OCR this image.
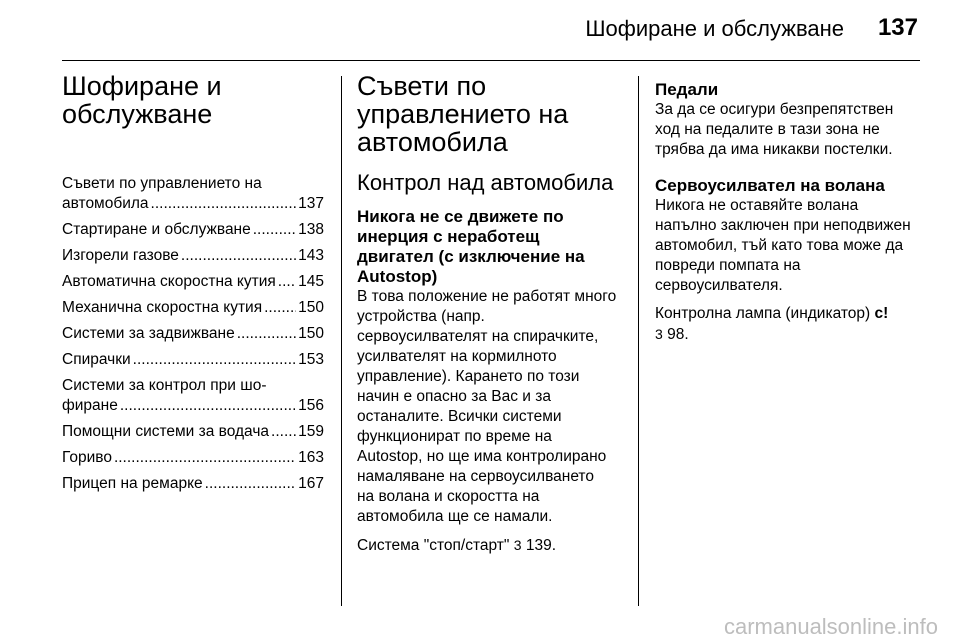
Шофиране и обслужване 137
Шофиране и
обслужване
Съвети по управлението на
автомобила .....	137
Стартиране и обслужване .....	138
Изгорели газове .....	143
Автоматична скоростна кутия ..... 145
Механична скоростна кутия ..... 150
Системи за задвижване .....	150
Спирачки .....	153
Системи за контрол при шо-
фиране .....	156
Помощни системи за водача ..... 159
Гориво .....	163
Прицеп на ремарке .....	167
Съвети по
управлението на
автомобила
Контрол над автомобила
Никога не се движете по
инерция с неработещ
двигател (с изключение на
Autostop)
В това положение не работят много
устройства (напр.
сервоусилвателят на спирачките,
усилвателят на кормилното
управление). Карането по този
начин е опасно за Вас и за
останалите. Всички системи
функционират по време на
Autostop, но ще има контролирано
намаляване на сервоусилването
на волана и скоростта на
автомобила ще се намали.
Система "стоп/старт" 3 139.
Педали
За да се осигури безпрепятствен
ход на педалите в тази зона не
трябва да има никакви постелки.
Сервоусилвател на волана
Никога не оставяйте волана
напълно заключен при неподвижен
автомобил, тъй като това може да
повреди помпата на
сервоусилвателя.
Контролна лампа (индикатор) c!
3 98.
carmanualsonline.info
